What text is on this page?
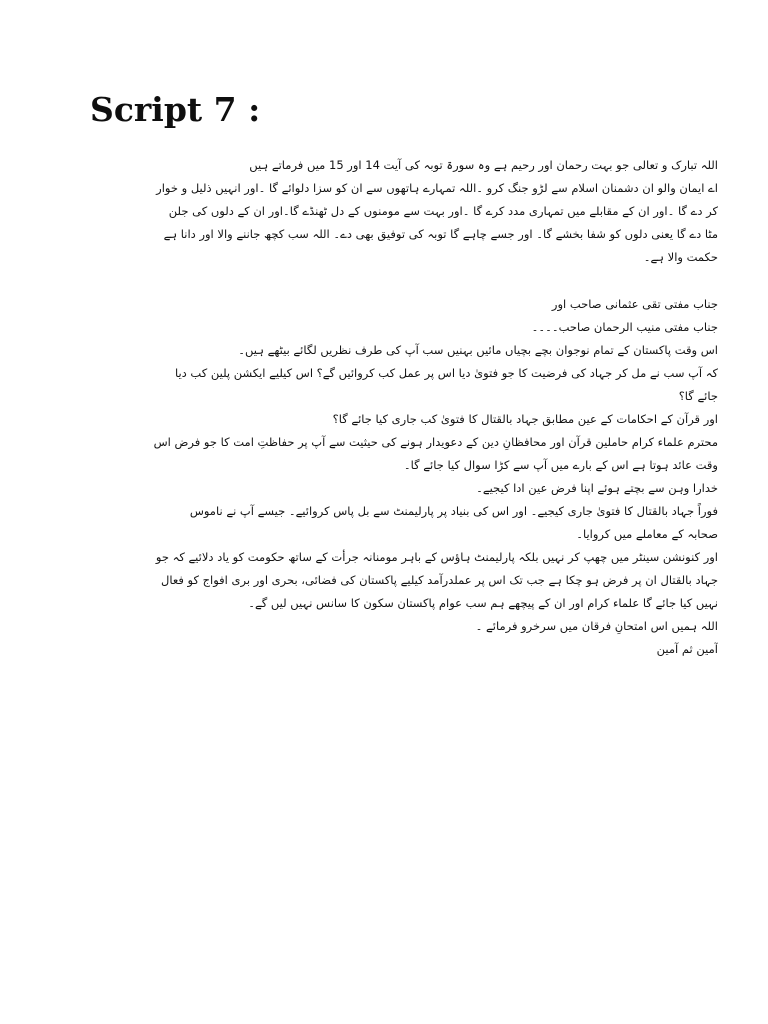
Script 7 :
اللہ تبارک و تعالی جو بہت رحمان اور رحیم ہے وہ سورۃ توبہ کی آیت 14 اور 15 میں فرماتے ہیں
اے ایمان والو ان دشمنان اسلام سے لڑو جنگ کرو ۔اللہ تمہارے ہاتھوں سے ان کو سزا دلوائے گا ۔اور انہیں ذلیل و خوار
کر دے گا ۔اور ان کے مقابلے میں تمہاری مدد کرے گا ۔اور بہت سے مومنوں کے دل ٹھنڈے گا۔اور ان کے دلوں کی جلن
مٹا دے گا یعنی دلوں کو شفا بخشے گا۔ اور جسے چاہے گا توبہ کی توفیق بھی دے۔ اللہ سب کچھ جاننے والا اور دانا ہے
حکمت والا ہے۔
جناب مفتی تقی عثمانی صاحب اور
جناب مفتی منیب الرحمان صاحب۔۔۔۔
اس وقت پاکستان کے تمام نوجوان بچے بچیاں مائیں بہنیں سب آپ کی طرف نظریں لگائے بیٹھے ہیں۔
کہ آپ سب نے مل کر جہاد کی فرضیت کا جو فتویٰ دیا اس پر عمل کب کروائیں گے؟ اس کیلیے ایکشن پلین کب دیا
جائے گا؟
اور قرآن کے احکامات کے عین مطابق جہاد بالقتال کا فتویٰ کب جاری کیا جائے گا؟
محترم علماء کرام حاملین قرآن اور محافظانِ دین کے دعویدار ہونے کی حیثیت سے آپ پر حفاظتِ امت کا جو فرض اس
وقت عائد ہوتا ہے اس کے بارے میں آپ سے کڑا سوال کیا جائے گا۔
خدارا وہن سے بچتے ہوئے اپنا فرض عین ادا کیجیے۔
فوراً جہاد بالقتال کا فتویٰ جاری کیجیے۔ اور اس کی بنیاد پر پارلیمنٹ سے بل پاس کروائیے۔ جیسے آپ نے ناموس
صحابہ کے معاملے میں کروایا۔
اور کنونشن سینٹر میں چھپ کر نہیں بلکہ پارلیمنٹ ہاؤس کے باہر مومنانہ جرأت کے ساتھ حکومت کو یاد دلائیے کہ جو
جہاد بالقتال ان پر فرض ہو چکا ہے جب تک اس پر عملدرآمد کیلیے پاکستان کی فضائی، بحری اور بری افواج کو فعال
نہیں کیا جائے گا علماء کرام اور ان کے پیچھے ہم سب عوام پاکستان سکون کا سانس نہیں لیں گے۔
اللہ ہمیں اس امتحانِ فرقان میں سرخرو فرمائے ۔
آمین ثم آمین
